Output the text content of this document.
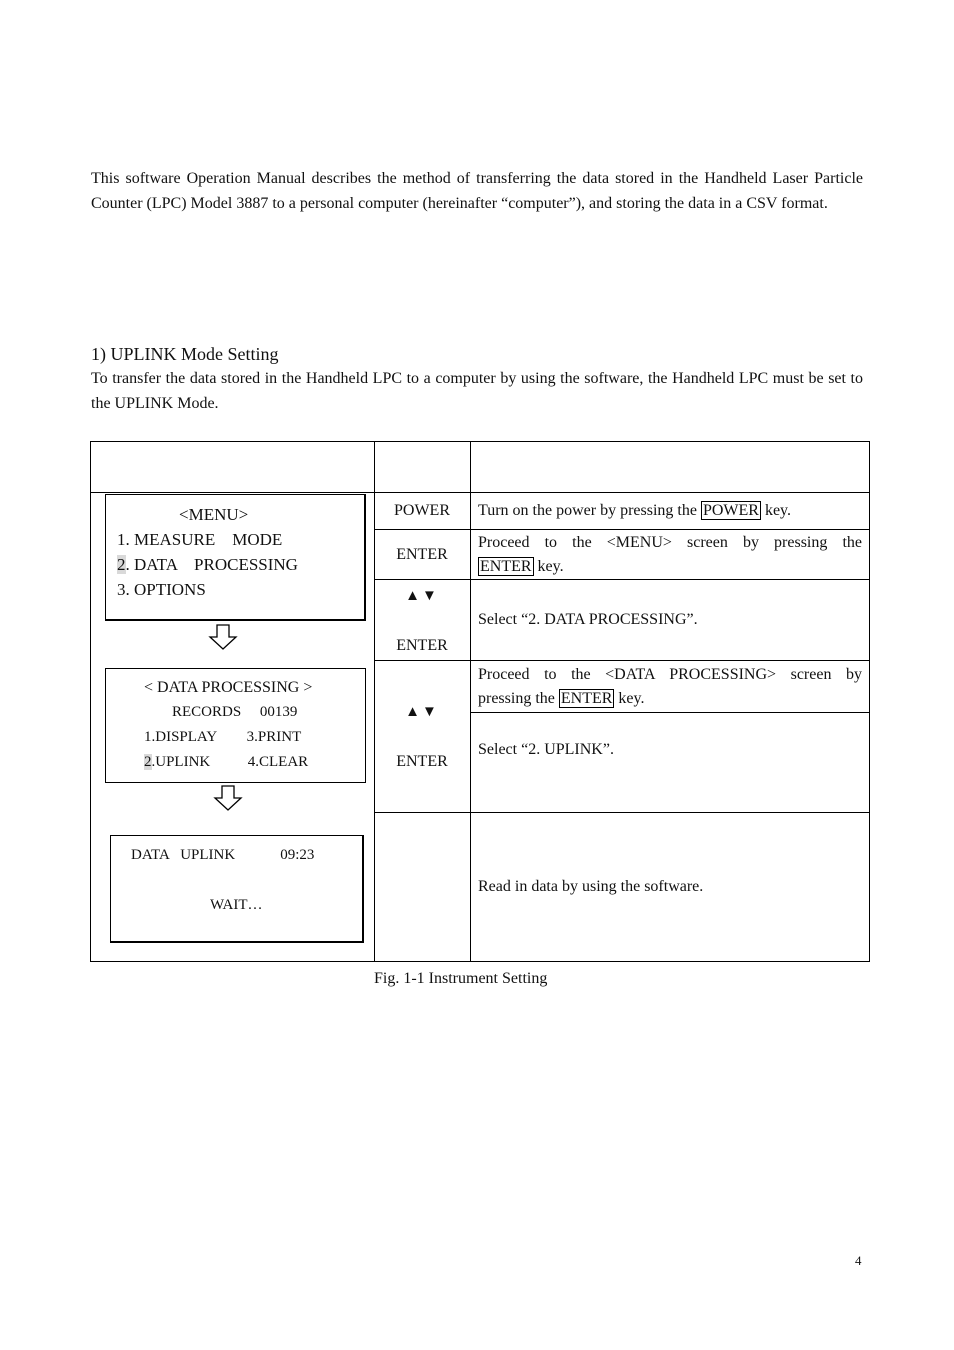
This software Operation Manual describes the method of transferring the data stored in the Handheld Laser Particle Counter (LPC) Model 3887 to a personal computer (hereinafter “computer”), and storing the data in a CSV format.
1) UPLINK Mode Setting
To transfer the data stored in the Handheld LPC to a computer by using the software, the Handheld LPC must be set to the UPLINK Mode.
<MENU>
1. MEASURE    MODE
2. DATA    PROCESSING
3. OPTIONS
< DATA PROCESSING >
RECORDS     00139
1.DISPLAY        3.PRINT
2.UPLINK          4.CLEAR
DATA   UPLINK            09:23
WAIT…
POWER
ENTER
▲▼
ENTER
▲▼
ENTER
Turn on the power by pressing the POWER key.
Proceed to the <MENU> screen by pressing the
ENTER key.
Select “2. DATA PROCESSING”.
Proceed to the <DATA PROCESSING> screen by
pressing the ENTER key.
Select “2. UPLINK”.
Read in data by using the software.
Fig. 1-1 Instrument Setting
4
